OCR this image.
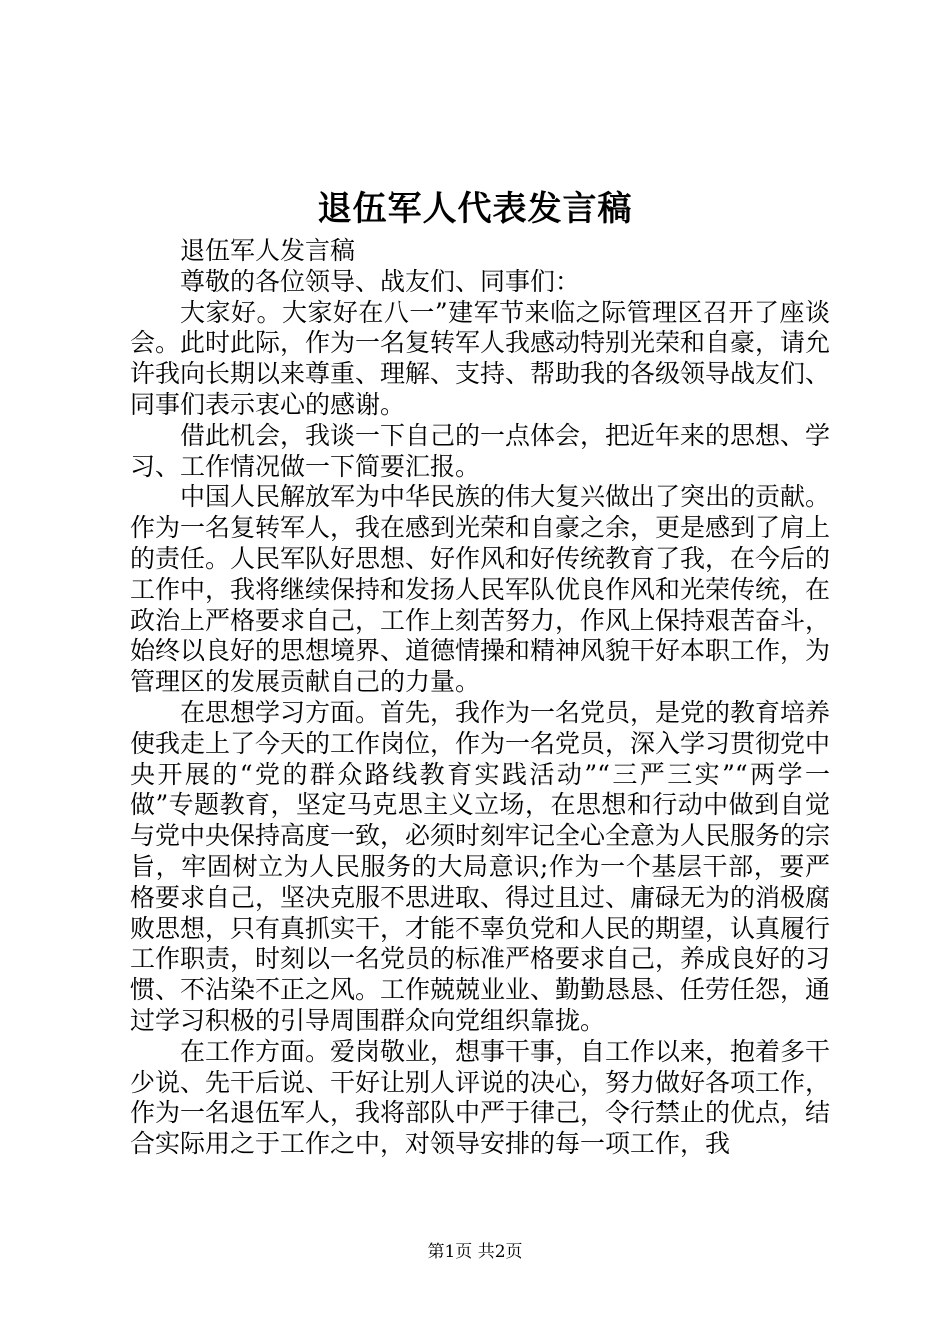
退伍军人代表发言稿

退伍军人发言稿

尊敬的各位领导、战友们、同事们：

大家好。大家好在八一”建军节来临之际管理区召开了座谈会。此时此际，作为一名复转军人我感动特别光荣和自豪，请允许我向长期以来尊重、理解、支持、帮助我的各级领导战友们、同事们表示衷心的感谢。

借此机会，我谈一下自己的一点体会，把近年来的思想、学习、工作情况做一下简要汇报。

中国人民解放军为中华民族的伟大复兴做出了突出的贡献。作为一名复转军人，我在感到光荣和自豪之余，更是感到了肩上的责任。人民军队好思想、好作风和好传统教育了我，在今后的工作中，我将继续保持和发扬人民军队优良作风和光荣传统，在政治上严格要求自己，工作上刻苦努力，作风上保持艰苦奋斗，始终以良好的思想境界、道德情操和精神风貌干好本职工作，为管理区的发展贡献自己的力量。

在思想学习方面。首先，我作为一名党员，是党的教育培养使我走上了今天的工作岗位，作为一名党员，深入学习贯彻党中央开展的“党的群众路线教育实践活动”“三严三实”“两学一做”专题教育，坚定马克思主义立场，在思想和行动中做到自觉与党中央保持高度一致，必须时刻牢记全心全意为人民服务的宗旨，牢固树立为人民服务的大局意识;作为一个基层干部，要严格要求自己，坚决克服不思进取、得过且过、庸碌无为的消极腐败思想，只有真抓实干，才能不辜负党和人民的期望，认真履行工作职责，时刻以一名党员的标准严格要求自己，养成良好的习惯、不沾染不正之风。工作兢兢业业、勤勤恳恳、任劳任怨，通过学习积极的引导周围群众向党组织靠拢。

在工作方面。爱岗敬业，想事干事，自工作以来，抱着多干少说、先干后说、干好让别人评说的决心，努力做好各项工作，作为一名退伍军人，我将部队中严于律己，令行禁止的优点，结合实际用之于工作之中，对领导安排的每一项工作，我

第1页 共2页
